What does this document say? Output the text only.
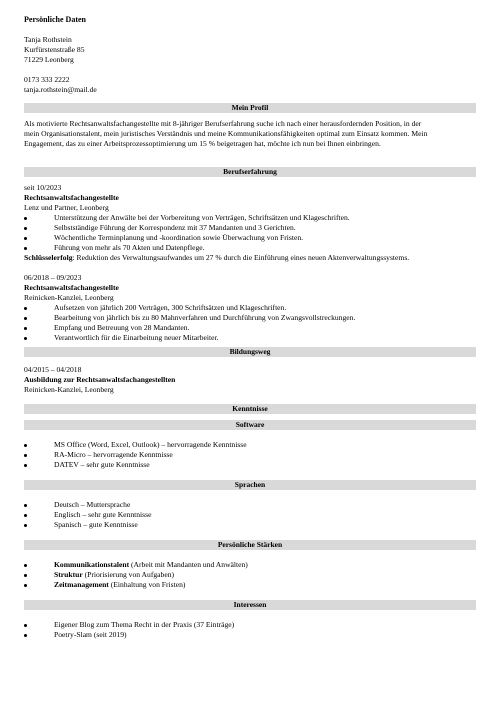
Persönliche Daten
Tanja Rothstein
Kurfürstenstraße 85
71229 Leonberg
0173 333 2222
tanja.rothstein@mail.de
Mein Profil
Als motivierte Rechtsanwaltsfachangestellte mit 8-jähriger Berufserfahrung suche ich nach einer herausfordernden Position, in der
mein Organisationstalent, mein juristisches Verständnis und meine Kommunikationsfähigkeiten optimal zum Einsatz kommen. Mein
Engagement, das zu einer Arbeitsprozessoptimierung um 15 % beigetragen hat, möchte ich nun bei Ihnen einbringen.
Berufserfahrung
seit 10/2023
Rechtsanwaltsfachangestellte
Lenz und Partner, Leonberg
Unterstützung der Anwälte bei der Vorbereitung von Verträgen, Schriftsätzen und Klageschriften.
Selbstständige Führung der Korrespondenz mit 37 Mandanten und 3 Gerichten.
Wöchentliche Terminplanung und -koordination sowie Überwachung von Fristen.
Führung von mehr als 70 Akten und Datenpflege.
Schlüsselerfolg: Reduktion des Verwaltungsaufwandes um 27 % durch die Einführung eines neuen Aktenverwaltungssystems.
06/2018 – 09/2023
Rechtsanwaltsfachangestellte
Reinicken-Kanzlei, Leonberg
Aufsetzen von jährlich 200 Verträgen, 300 Schriftsätzen und Klageschriften.
Bearbeitung von jährlich bis zu 80 Mahnverfahren und Durchführung von Zwangsvollstreckungen.
Empfang und Betreuung von 28 Mandanten.
Verantwortlich für die Einarbeitung neuer Mitarbeiter.
Bildungsweg
04/2015 – 04/2018
Ausbildung zur Rechtsanwaltsfachangestellten
Reinicken-Kanzlei, Leonberg
Kenntnisse
Software
MS Office (Word, Excel, Outlook) – hervorragende Kenntnisse
RA-Micro – hervorragende Kenntnisse
DATEV – sehr gute Kenntnisse
Sprachen
Deutsch – Muttersprache
Englisch – sehr gute Kenntnisse
Spanisch – gute Kenntnisse
Persönliche Stärken
Kommunikationstalent (Arbeit mit Mandanten und Anwälten)
Struktur (Priorisierung von Aufgaben)
Zeitmanagement (Einhaltung von Fristen)
Interessen
Eigener Blog zum Thema Recht in der Praxis (37 Einträge)
Poetry-Slam (seit 2019)
